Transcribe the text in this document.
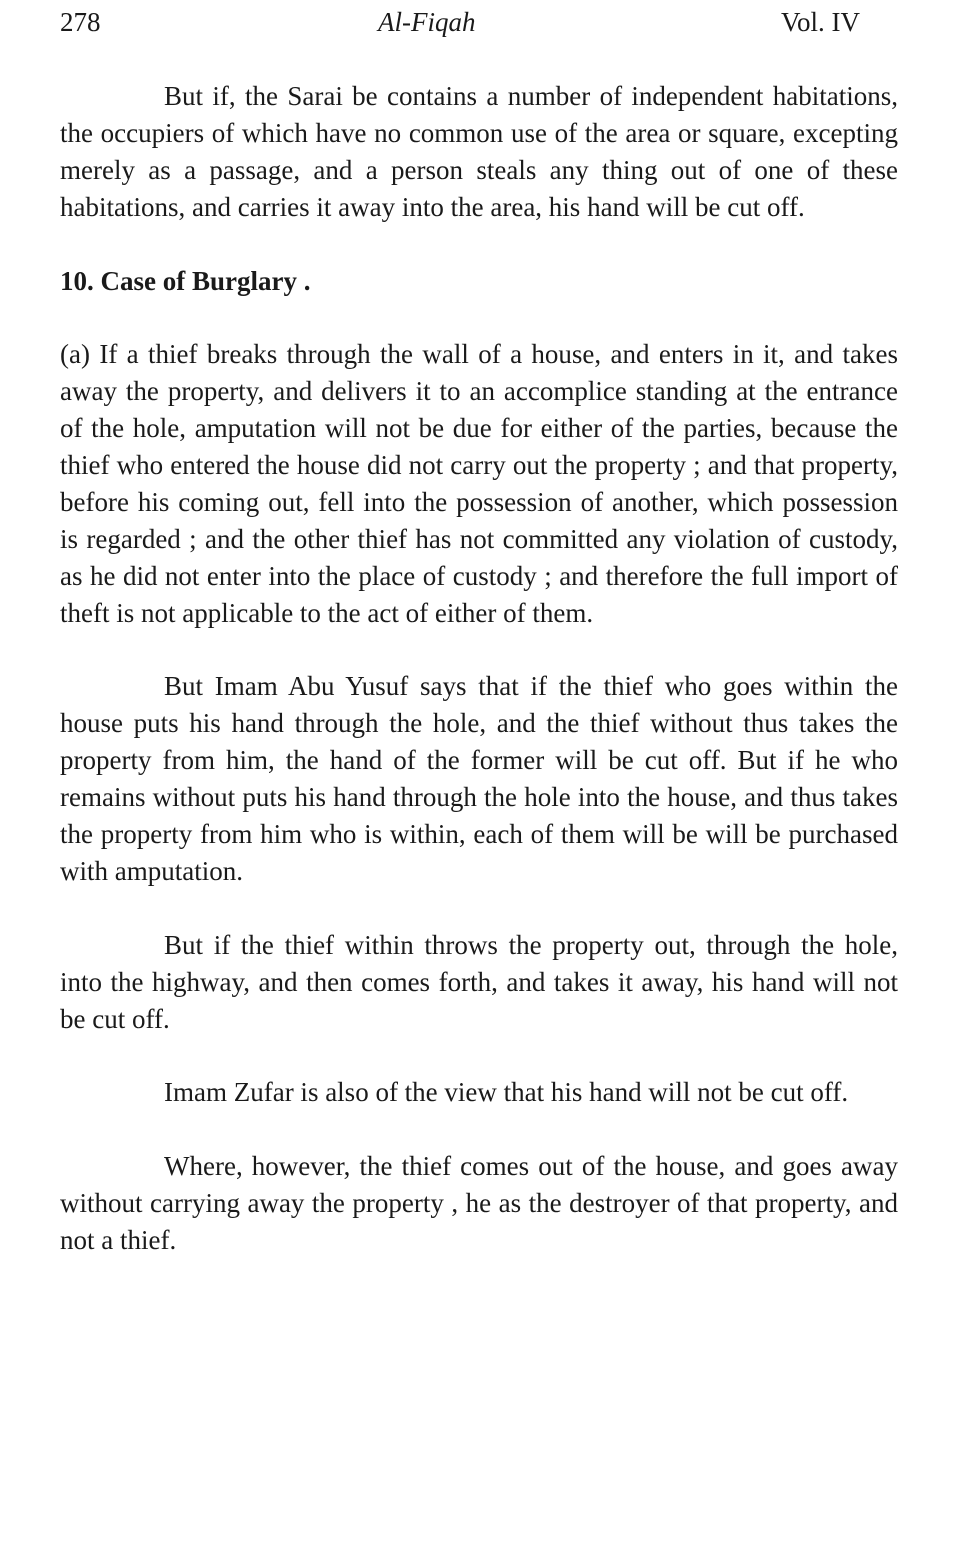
278	Al-Fiqah	Vol. IV

But if, the Sarai be contains a number of independent habitations, the occupiers of which have no common use of the area or square, excepting merely as a passage, and a person steals any thing out of one of these habitations, and carries it away into the area, his hand will be cut off.

10. Case of Burglary .

(a) If a thief breaks through the wall of a house, and enters in it, and takes away the property, and delivers it to an accomplice standing at the entrance of the hole, amputation will not be due for either of the parties, because the thief who entered the house did not carry out the property ; and that property, before his coming out, fell into the possession of another, which possession is regarded ; and the other thief has not committed any violation of custody, as he did not enter into the place of custody ; and therefore the full import of theft is not applicable to the act of either of them.

But Imam Abu Yusuf says that if the thief who goes within the house puts his hand through the hole, and the thief without thus takes the property from him, the hand of the former will be cut off. But if he who remains without puts his hand through the hole into the house, and thus takes the property from him who is within, each of them will be will be purchased with amputation.

But if the thief within throws the property out, through the hole, into the highway, and then comes forth, and takes it away, his hand will not be cut off.

Imam Zufar is also of the view that his hand will not be cut off.

Where, however, the thief comes out of the house, and goes away without carrying away the property , he as the destroyer of that property, and not a thief.
